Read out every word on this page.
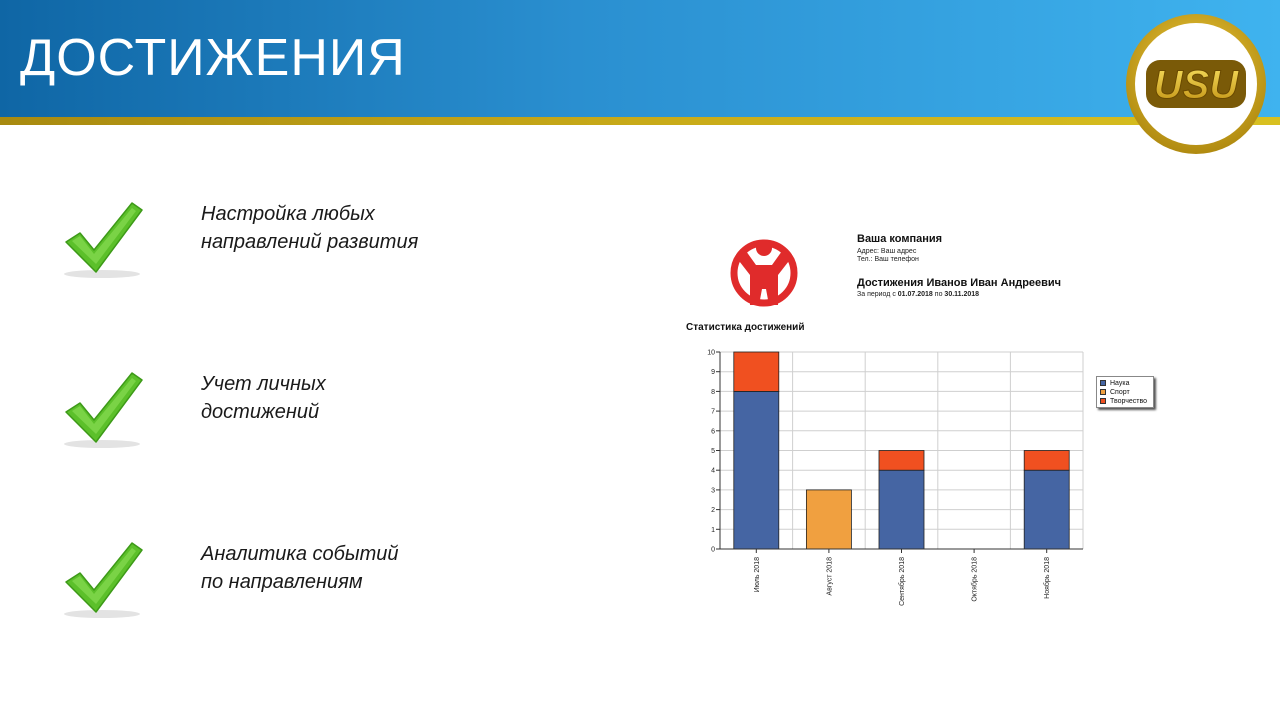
ДОСТИЖЕНИЯ	USU
Настройка любых
направлений развития
Учет личных
достижений
Аналитика событий
по направлениям
Ваша компания
Адрес: Ваш адрес
Тел.: Ваш телефон
Достижения Иванов Иван Андреевич
За период с 01.07.2018 по 30.11.2018
Статистика достижений
0
1
2
3
4
5
6
7
8
9
10
Июль 2018	Август 2018	Сентябрь 2018	Октябрь 2018	Ноябрь 2018
Наука
Спорт
Творчество
